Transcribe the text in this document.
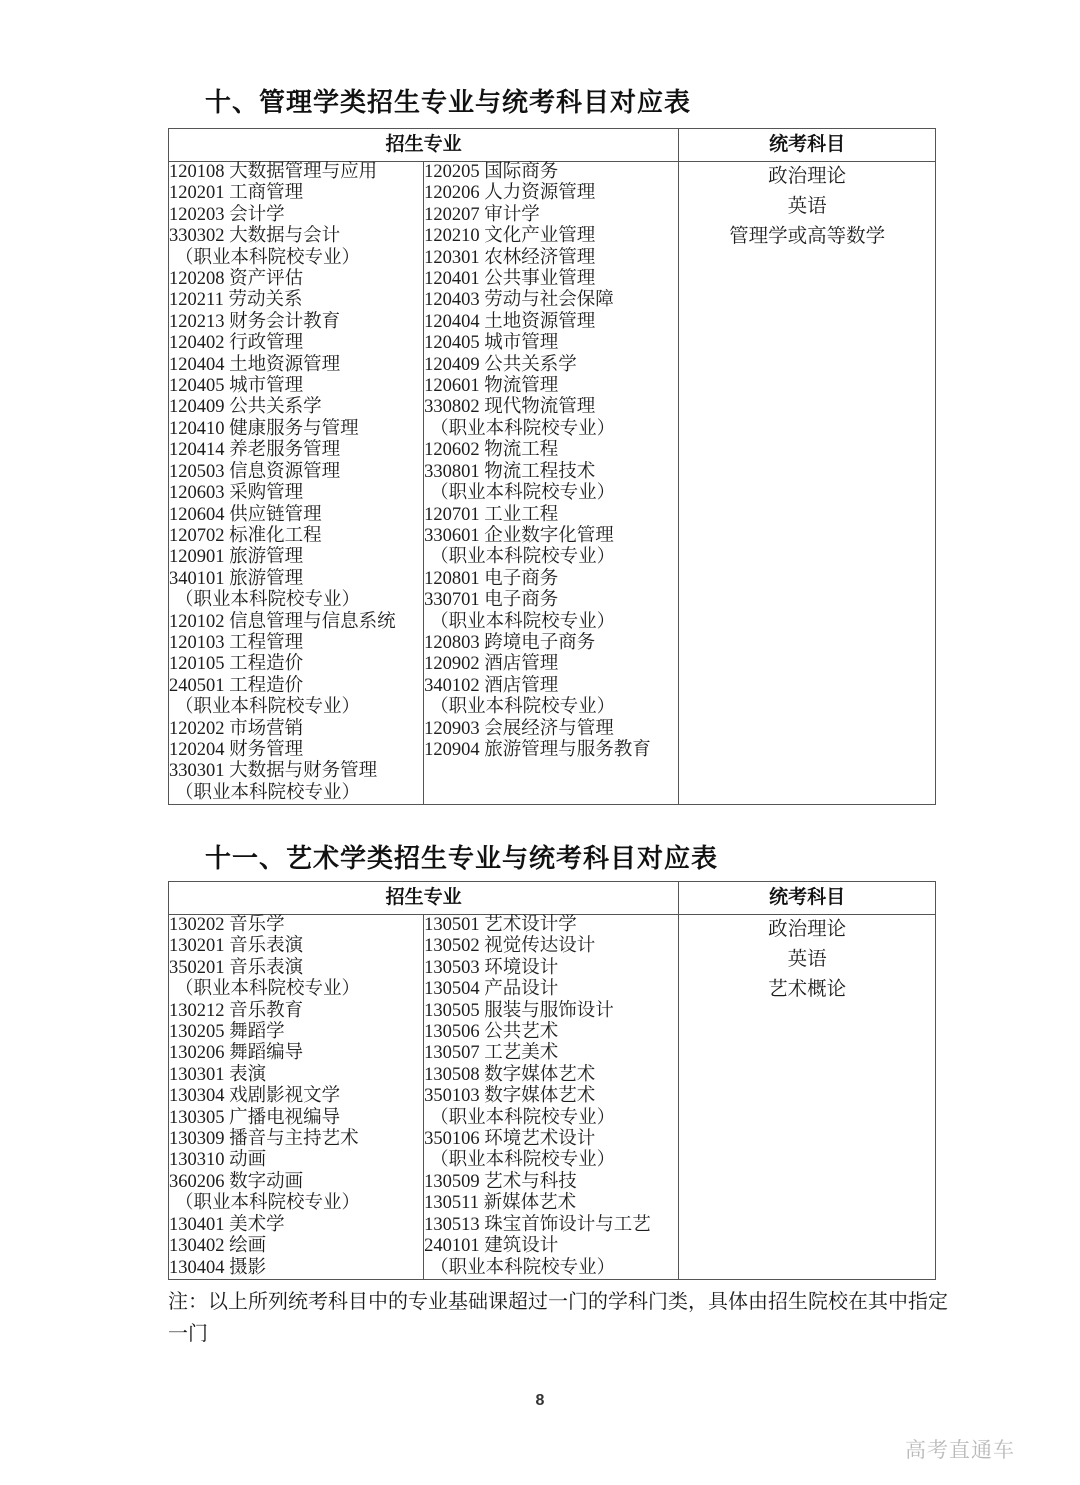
十、管理学类招生专业与统考科目对应表
招生专业		统考科目

120108 大数据管理与应用
120201 工商管理
120203 会计学
330302 大数据与会计
（职业本科院校专业）
120208 资产评估
120211 劳动关系
120213 财务会计教育
120402 行政管理
120404 土地资源管理
120405 城市管理
120409 公共关系学
120410 健康服务与管理
120414 养老服务管理
120503 信息资源管理
120603 采购管理
120604 供应链管理
120702 标准化工程
120901 旅游管理
340101 旅游管理
（职业本科院校专业）
120102 信息管理与信息系统
120103 工程管理
120105 工程造价
240501 工程造价
（职业本科院校专业）
120202 市场营销
120204 财务管理
330301 大数据与财务管理
（职业本科院校专业）

120205 国际商务
120206 人力资源管理
120207 审计学
120210 文化产业管理
120301 农林经济管理
120401 公共事业管理
120403 劳动与社会保障
120404 土地资源管理
120405 城市管理
120409 公共关系学
120601 物流管理
330802 现代物流管理
（职业本科院校专业）
120602 物流工程
330801 物流工程技术
（职业本科院校专业）
120701 工业工程
330601 企业数字化管理
（职业本科院校专业）
120801 电子商务
330701 电子商务
（职业本科院校专业）
120803 跨境电子商务
120902 酒店管理
340102 酒店管理
（职业本科院校专业）
120903 会展经济与管理
120904 旅游管理与服务教育

政治理论
英语
管理学或高等数学
十一、艺术学类招生专业与统考科目对应表
招生专业		统考科目

130202 音乐学
130201 音乐表演
350201 音乐表演
（职业本科院校专业）
130212 音乐教育
130205 舞蹈学
130206 舞蹈编导
130301 表演
130304 戏剧影视文学
130305 广播电视编导
130309 播音与主持艺术
130310 动画
360206 数字动画
（职业本科院校专业）
130401 美术学
130402 绘画
130404 摄影

130501 艺术设计学
130502 视觉传达设计
130503 环境设计
130504 产品设计
130505 服装与服饰设计
130506 公共艺术
130507 工艺美术
130508 数字媒体艺术
350103 数字媒体艺术
（职业本科院校专业）
350106 环境艺术设计
（职业本科院校专业）
130509 艺术与科技
130511 新媒体艺术
130513 珠宝首饰设计与工艺
240101 建筑设计
（职业本科院校专业）

政治理论
英语
艺术概论
注：以上所列统考科目中的专业基础课超过一门的学科门类，具体由招生院校在其中指定一门
8
高考直通车
